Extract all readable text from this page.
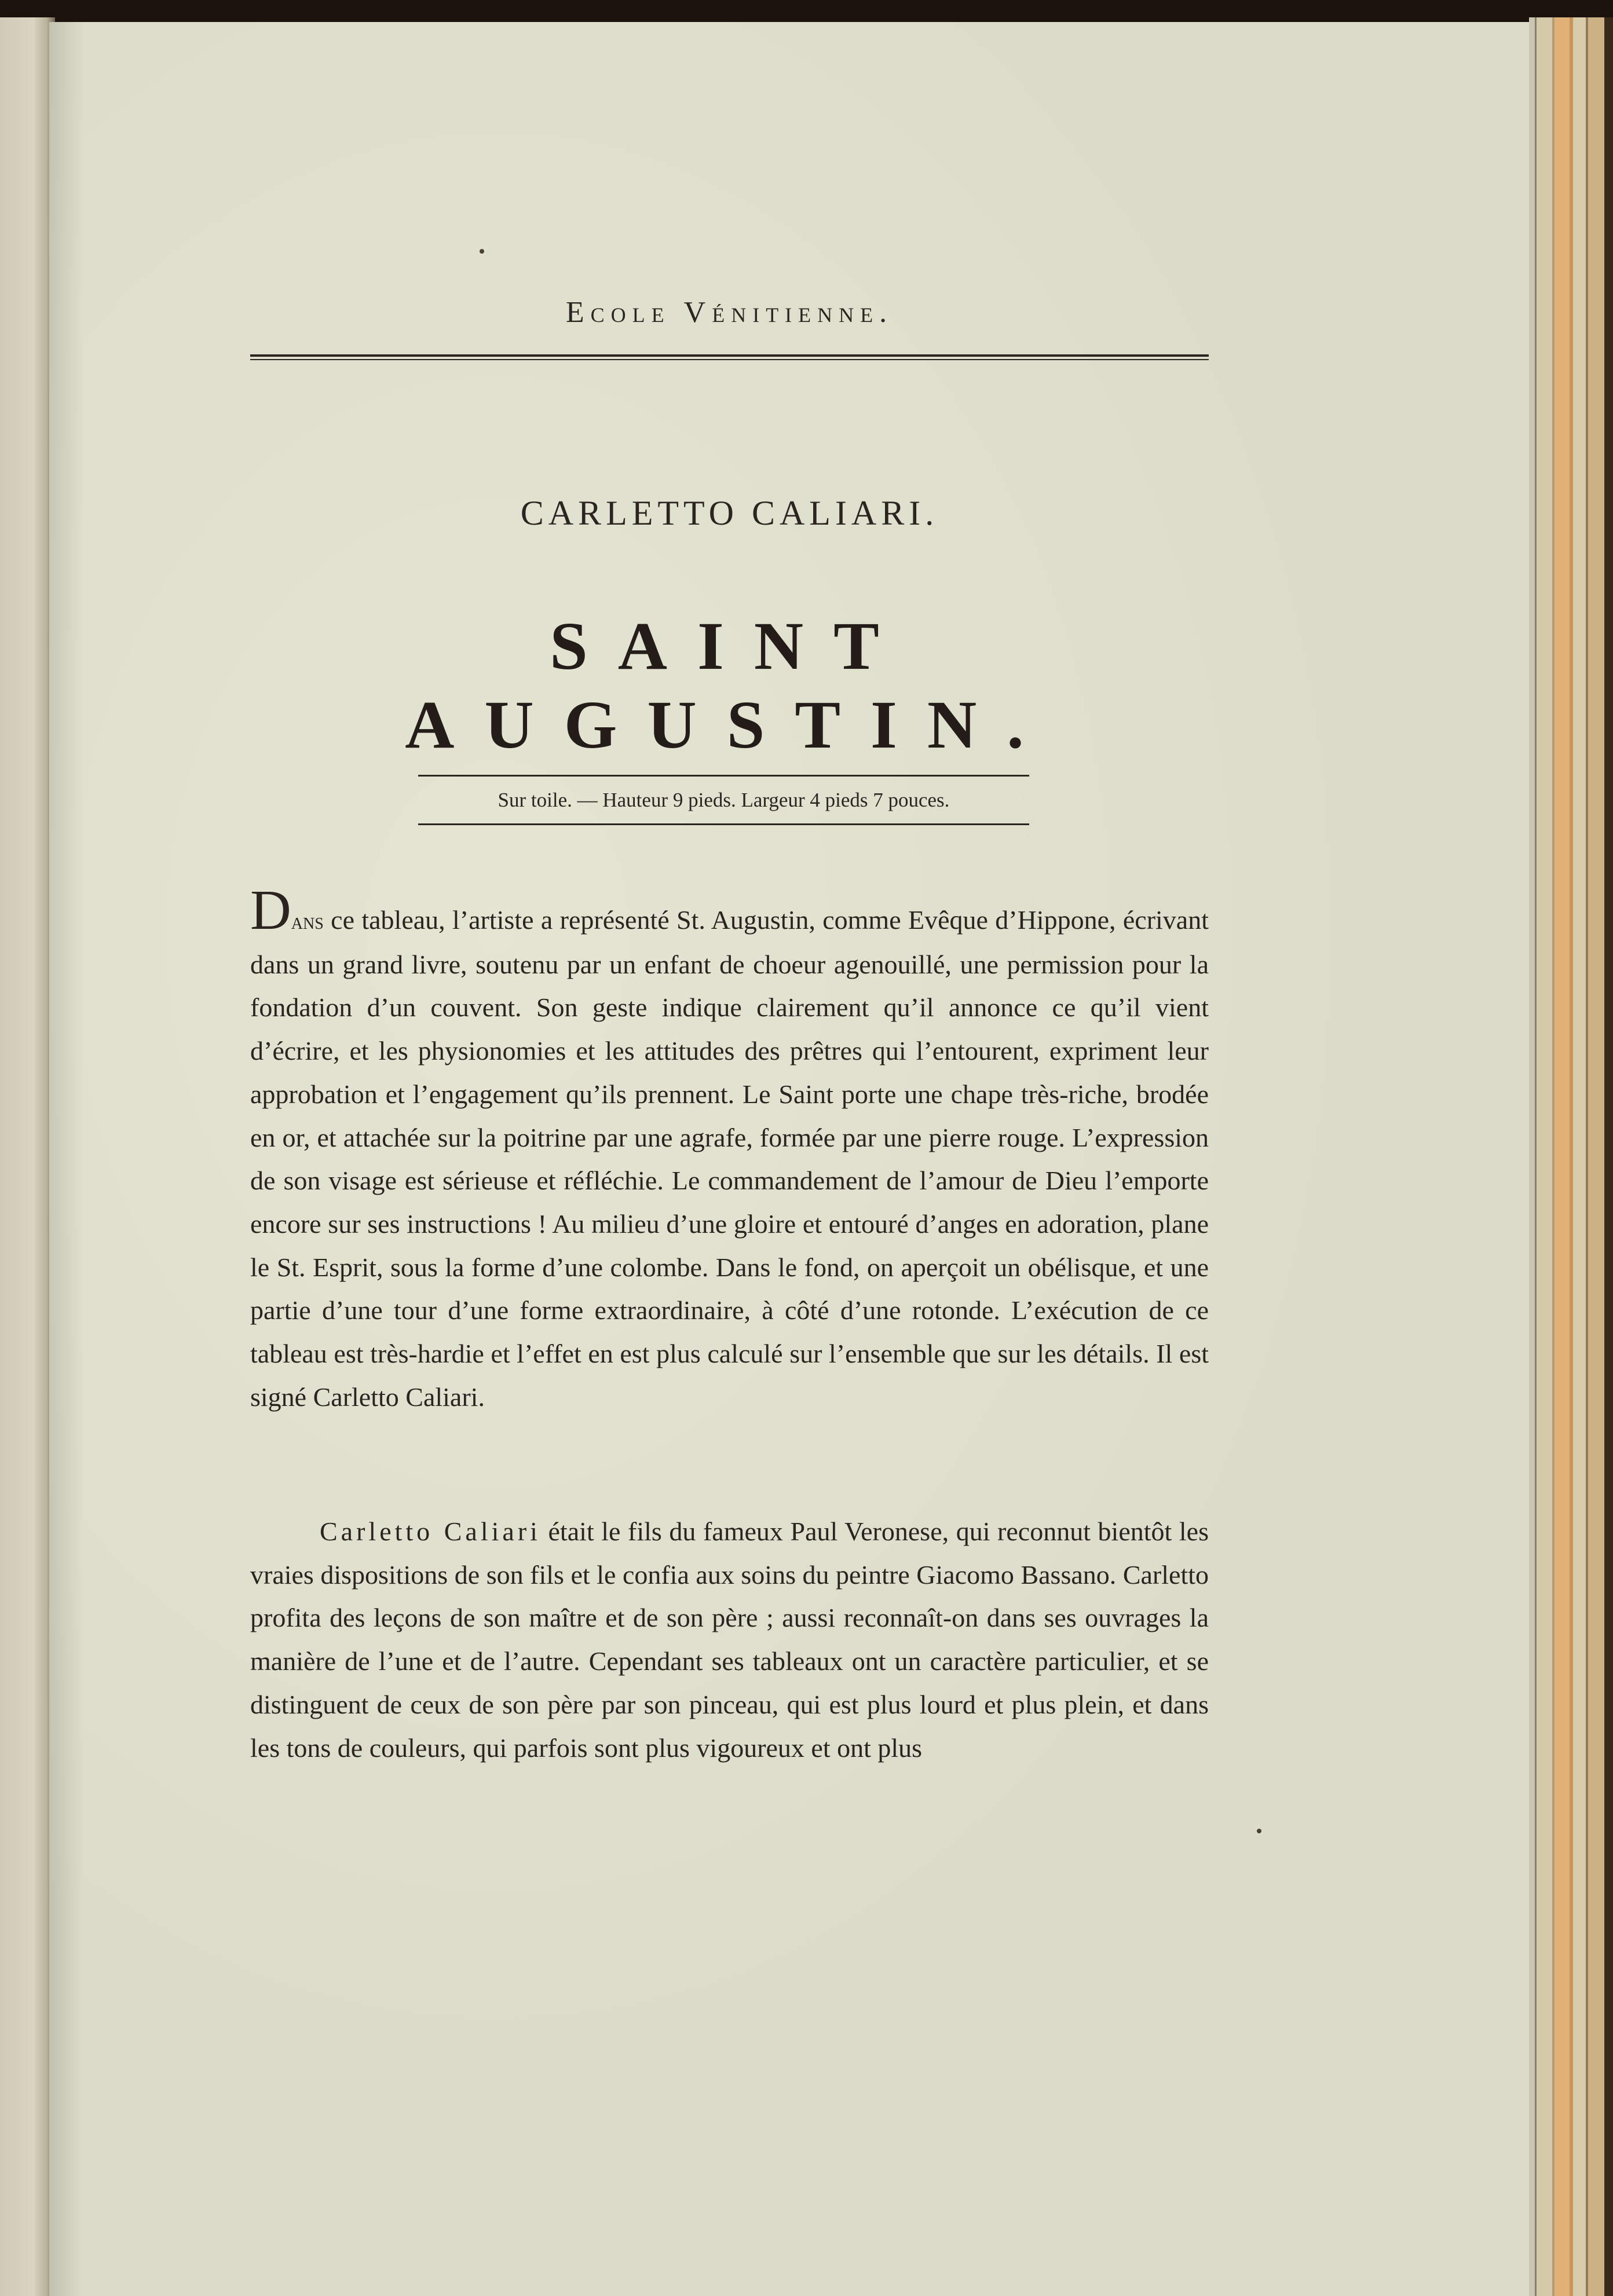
Ecole Vénitienne.
CARLETTO CALIARI.
SAINT AUGUSTIN.
Sur toile. — Hauteur 9 pieds. Largeur 4 pieds 7 pouces.

Dans ce tableau, l’artiste a représenté St. Augustin, comme Evêque d’Hippone, écrivant dans un grand livre, soutenu par un enfant de choeur agenouillé, une permission pour la fondation d’un couvent. Son geste indique clairement qu’il annonce ce qu’il vient d’écrire, et les physionomies et les attitudes des prêtres qui l’entourent, expriment leur approbation et l’engagement qu’ils prennent. Le Saint porte une chape très-riche, brodée en or, et attachée sur la poitrine par une agrafe, formée par une pierre rouge. L’expression de son visage est sérieuse et réfléchie. Le commandement de l’amour de Dieu l’emporte encore sur ses instructions ! Au milieu d’une gloire et entouré d’anges en adoration, plane le St. Esprit, sous la forme d’une colombe. Dans le fond, on aperçoit un obélisque, et une partie d’une tour d’une forme extraordinaire, à côté d’une rotonde. L’exécution de ce tableau est très-hardie et l’effet en est plus calculé sur l’ensemble que sur les détails. Il est signé Carletto Caliari.

Carletto Caliari était le fils du fameux Paul Veronese, qui reconnut bientôt les vraies dispositions de son fils et le confia aux soins du peintre Giacomo Bassano. Carletto profita des leçons de son maître et de son père ; aussi reconnaît-on dans ses ouvrages la manière de l’une et de l’autre. Cependant ses tableaux ont un caractère particulier, et se distinguent de ceux de son père par son pinceau, qui est plus lourd et plus plein, et dans les tons de couleurs, qui parfois sont plus vigoureux et ont plus
